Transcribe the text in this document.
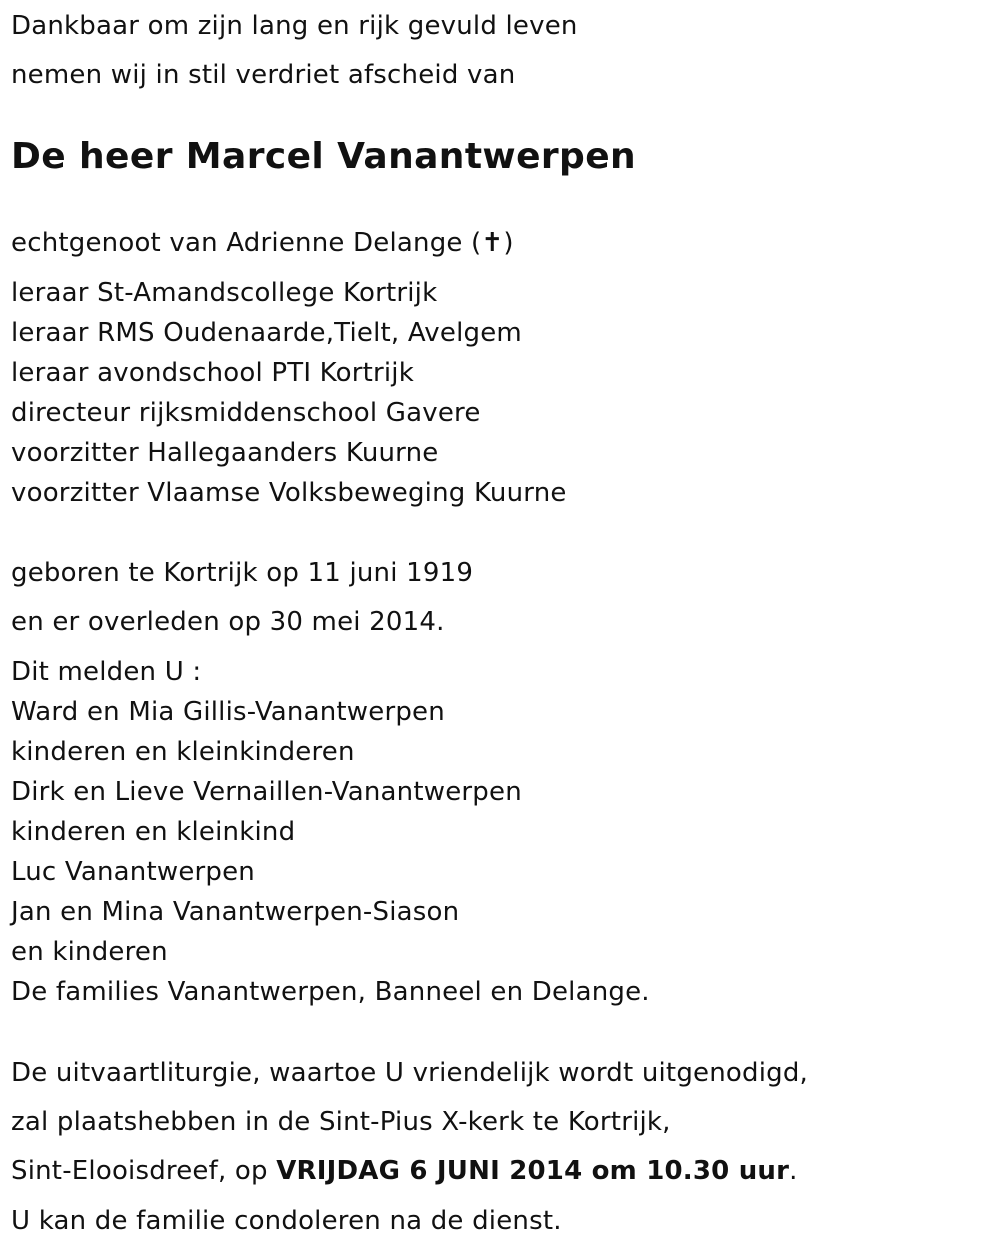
Dankbaar om zijn lang en rijk gevuld leven
nemen wij in stil verdriet afscheid van
De heer Marcel Vanantwerpen
echtgenoot van Adrienne Delange (✝)
leraar St-Amandscollege Kortrijk
leraar RMS Oudenaarde,Tielt, Avelgem
leraar avondschool PTI Kortrijk
directeur rijksmiddenschool Gavere
voorzitter Hallegaanders Kuurne
voorzitter Vlaamse Volksbeweging Kuurne
geboren te Kortrijk op 11 juni 1919
en er overleden op 30 mei 2014.
Dit melden U :
Ward en Mia Gillis-Vanantwerpen
kinderen en kleinkinderen
Dirk en Lieve Vernaillen-Vanantwerpen
kinderen en kleinkind
Luc Vanantwerpen
Jan en Mina Vanantwerpen-Siason
en kinderen
De families Vanantwerpen, Banneel en Delange.
De uitvaartliturgie, waartoe U vriendelijk wordt uitgenodigd,
zal plaatshebben in de Sint-Pius X-kerk te Kortrijk,
Sint-Elooisdreef, op VRIJDAG 6 JUNI 2014 om 10.30 uur.
U kan de familie condoleren na de dienst.
